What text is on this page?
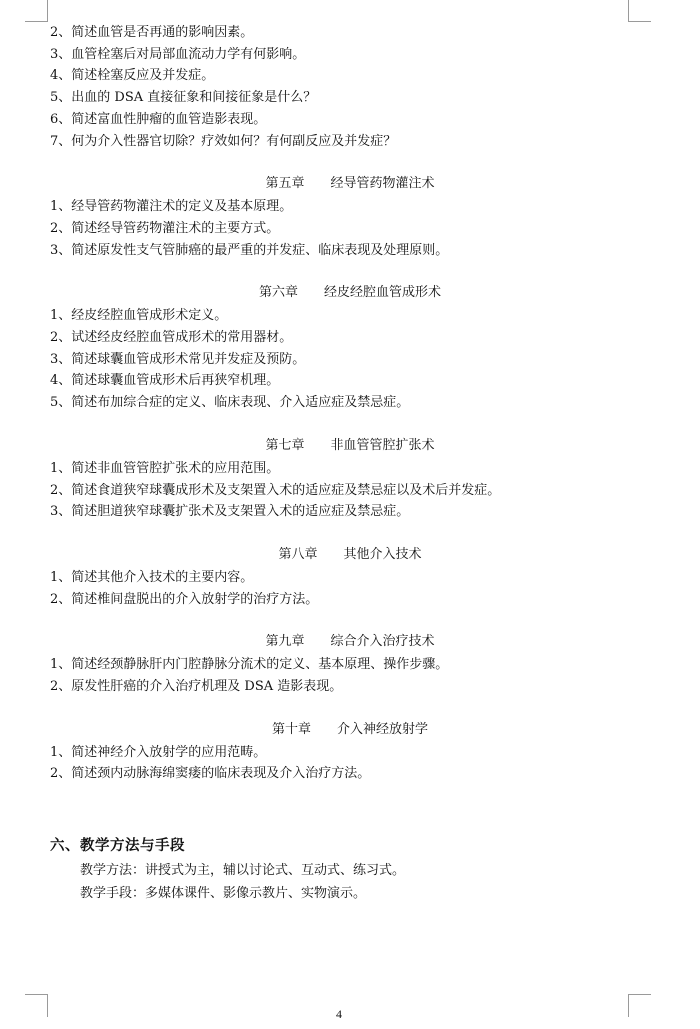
2、简述血管是否再通的影响因素。
3、血管栓塞后对局部血流动力学有何影响。
4、简述栓塞反应及并发症。
5、出血的 DSA 直接征象和间接征象是什么？
6、简述富血性肿瘤的血管造影表现。
7、何为介入性器官切除？疗效如何？有何副反应及并发症？
第五章　　经导管药物灌注术
1、经导管药物灌注术的定义及基本原理。
2、简述经导管药物灌注术的主要方式。
3、简述原发性支气管肺癌的最严重的并发症、临床表现及处理原则。
第六章　　经皮经腔血管成形术
1、经皮经腔血管成形术定义。
2、试述经皮经腔血管成形术的常用器材。
3、简述球囊血管成形术常见并发症及预防。
4、简述球囊血管成形术后再狭窄机理。
5、简述布加综合症的定义、临床表现、介入适应症及禁忌症。
第七章　　非血管管腔扩张术
1、简述非血管管腔扩张术的应用范围。
2、简述食道狭窄球囊成形术及支架置入术的适应症及禁忌症以及术后并发症。
3、简述胆道狭窄球囊扩张术及支架置入术的适应症及禁忌症。
第八章　　其他介入技术
1、简述其他介入技术的主要内容。
2、简述椎间盘脱出的介入放射学的治疗方法。
第九章　　综合介入治疗技术
1、简述经颈静脉肝内门腔静脉分流术的定义、基本原理、操作步骤。
2、原发性肝癌的介入治疗机理及 DSA 造影表现。
第十章　　介入神经放射学
1、简述神经介入放射学的应用范畴。
2、简述颈内动脉海绵窦瘘的临床表现及介入治疗方法。
六、教学方法与手段
教学方法：讲授式为主，辅以讨论式、互动式、练习式。
教学手段：多媒体课件、影像示教片、实物演示。
4
